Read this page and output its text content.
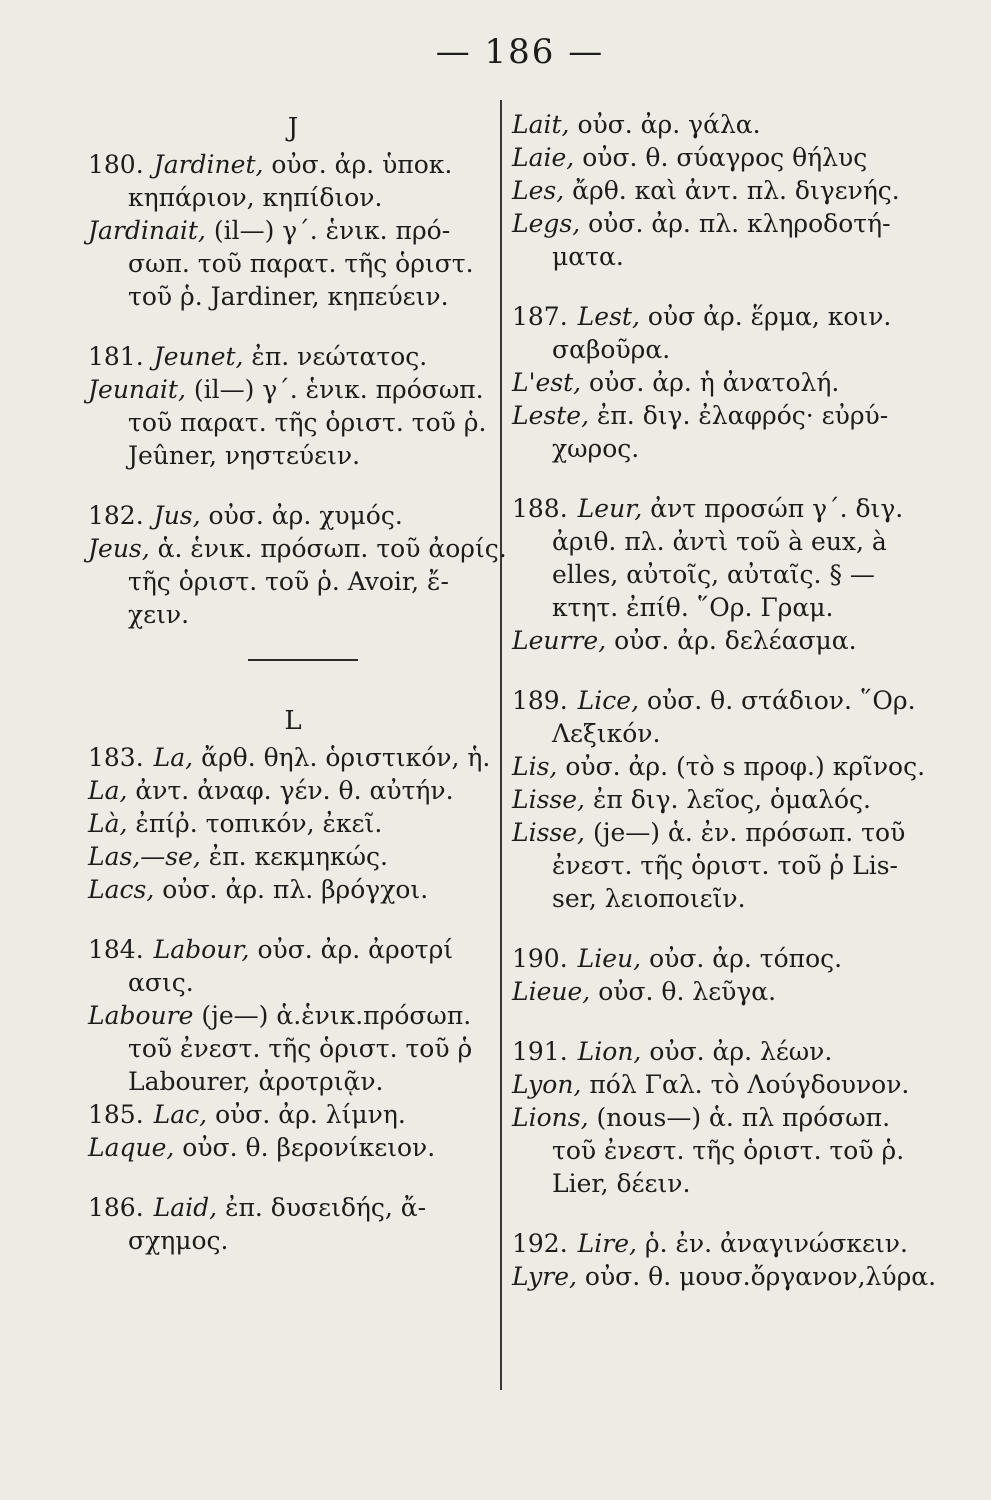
— 186 —
J
180. Jardinet, οὐσ. ἀρ. ὑποκ.
κηπάριον, κηπίδιον.
Jardinait, (il—) γ΄. ἑνικ. πρό-
σωπ. τοῦ παρατ. τῆς ὁριστ.
τοῦ ῥ. Jardiner, κηπεύειν.
181. Jeunet, ἐπ. νεώτατος.
Jeunait, (il—) γ΄. ἑνικ. πρόσωπ.
τοῦ παρατ. τῆς ὁριστ. τοῦ ῥ.
Jeûner, νηστεύειν.
182. Jus, οὐσ. ἀρ. χυμός.
Jeus, ἁ. ἑνικ. πρόσωπ. τοῦ ἀορίς.
τῆς ὁριστ. τοῦ ῥ. Avoir, ἔ-
χειν.
L
183. La, ἄρθ. θηλ. ὁριστικόν, ἡ.
La, ἀντ. ἀναφ. γέν. θ. αὐτήν.
Là, ἐπίῤ. τοπικόν, ἐκεῖ.
Las,—se, ἐπ. κεκμηκώς.
Lacs, οὐσ. ἀρ. πλ. βρόγχοι.
184. Labour, οὐσ. ἀρ. ἀροτρί
ασις.
Laboure (je—) ἁ.ἑνικ.πρόσωπ.
τοῦ ἐνεστ. τῆς ὁριστ. τοῦ ῥ
Labourer, ἀροτριᾷν.
185. Lac, οὐσ. ἀρ. λίμνη.
Laque, οὐσ. θ. βερονίκειον.
186. Laid, ἐπ. δυσειδής, ἄ-
σχημος.
Lait, οὐσ. ἀρ. γάλα.
Laie, οὐσ. θ. σύαγρος θήλυς
Les, ἄρθ. καὶ ἀντ. πλ. διγενής.
Legs, οὐσ. ἀρ. πλ. κληροδοτή-
ματα.
187. Lest, οὐσ ἀρ. ἕρμα, κοιν.
σαβοῦρα.
L'est, οὐσ. ἀρ. ἡ ἀνατολή.
Leste, ἐπ. διγ. ἐλαφρός· εὐρύ-
χωρος.
188. Leur, ἀντ προσώπ γ΄. διγ.
ἀριθ. πλ. ἀντὶ τοῦ à eux, à
elles, αὐτοῖς, αὐταῖς. § —
κτητ. ἐπίθ. ῞Ορ. Γραμ.
Leurre, οὐσ. ἀρ. δελέασμα.
189. Lice, οὐσ. θ. στάδιον. ῞Ορ.
Λεξικόν.
Lis, οὐσ. ἀρ. (τὸ s προφ.) κρῖνος.
Lisse, ἐπ διγ. λεῖος, ὁμαλός.
Lisse, (je—) ἁ. ἐν. πρόσωπ. τοῦ
ἐνεστ. τῆς ὁριστ. τοῦ ῥ Lis-
ser, λειοποιεῖν.
190. Lieu, οὐσ. ἀρ. τόπος.
Lieue, οὐσ. θ. λεῦγα.
191. Lion, οὐσ. ἀρ. λέων.
Lyon, πόλ Γαλ. τὸ Λούγδουνον.
Lions, (nous—) ἁ. πλ πρόσωπ.
τοῦ ἐνεστ. τῆς ὁριστ. τοῦ ῥ.
Lier, δέειν.
192. Lire, ῥ. ἐν. ἀναγινώσκειν.
Lyre, οὐσ. θ. μουσ.ὄργανον,λύρα.
